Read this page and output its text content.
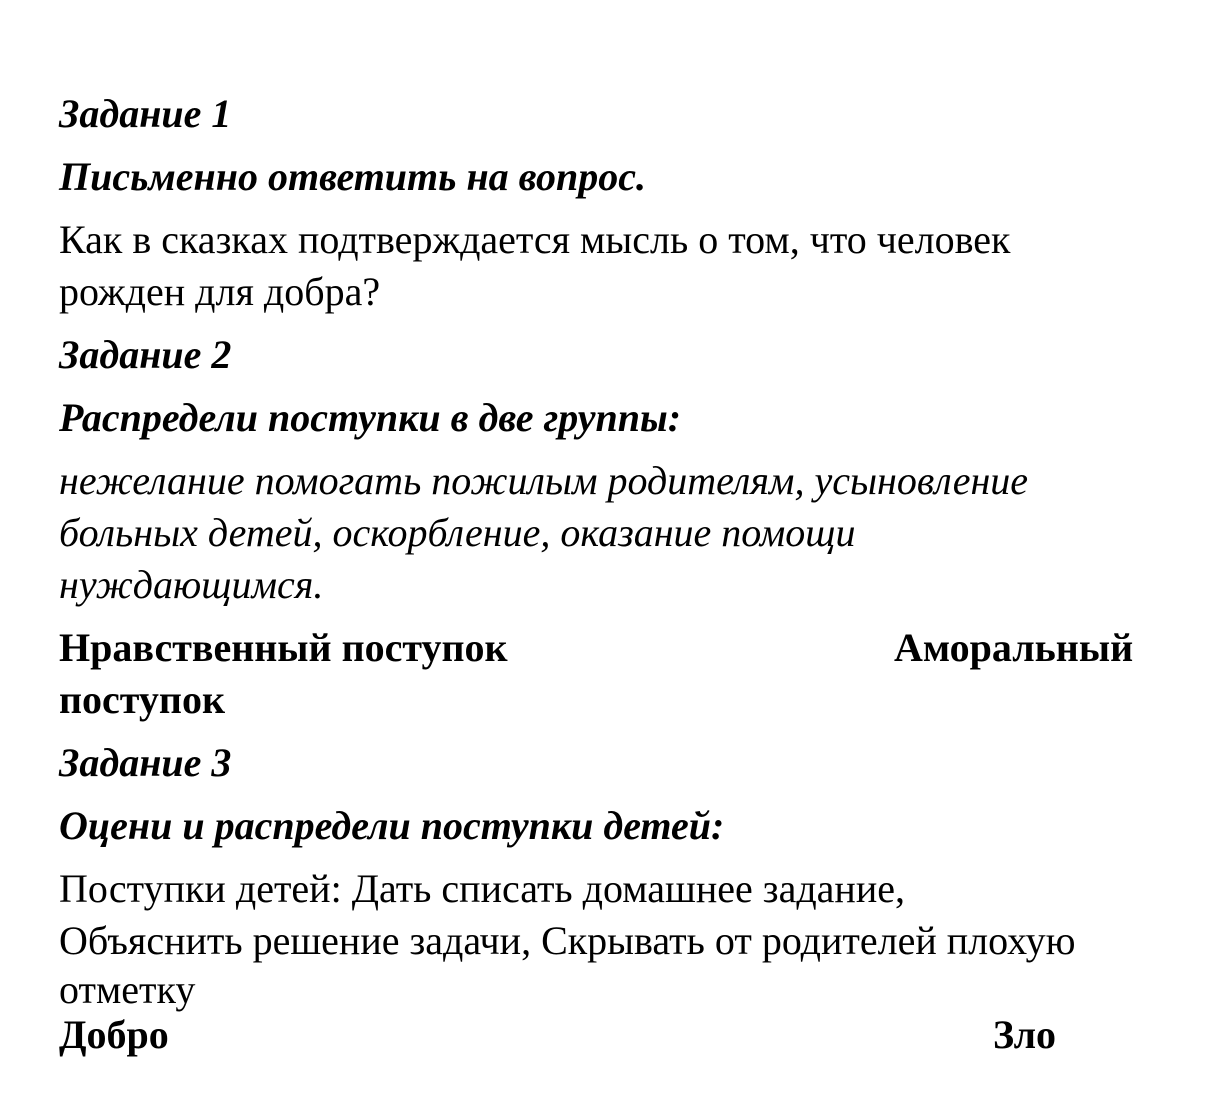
Задание 1

Письменно ответить на вопрос.

Как в сказках подтверждается мысль о том, что человек

рожден для добра?

Задание 2

Распредели поступки в две группы:

нежелание помогать пожилым родителям, усыновление

больных детей, оскорбление, оказание помощи

нуждающимся.

Нравственный поступок	Аморальный

поступок

Задание 3

Оцени и распредели поступки детей:

Поступки детей: Дать списать домашнее задание,

Объяснить решение задачи, Скрывать от родителей плохую

отметку

Добро	Зло
